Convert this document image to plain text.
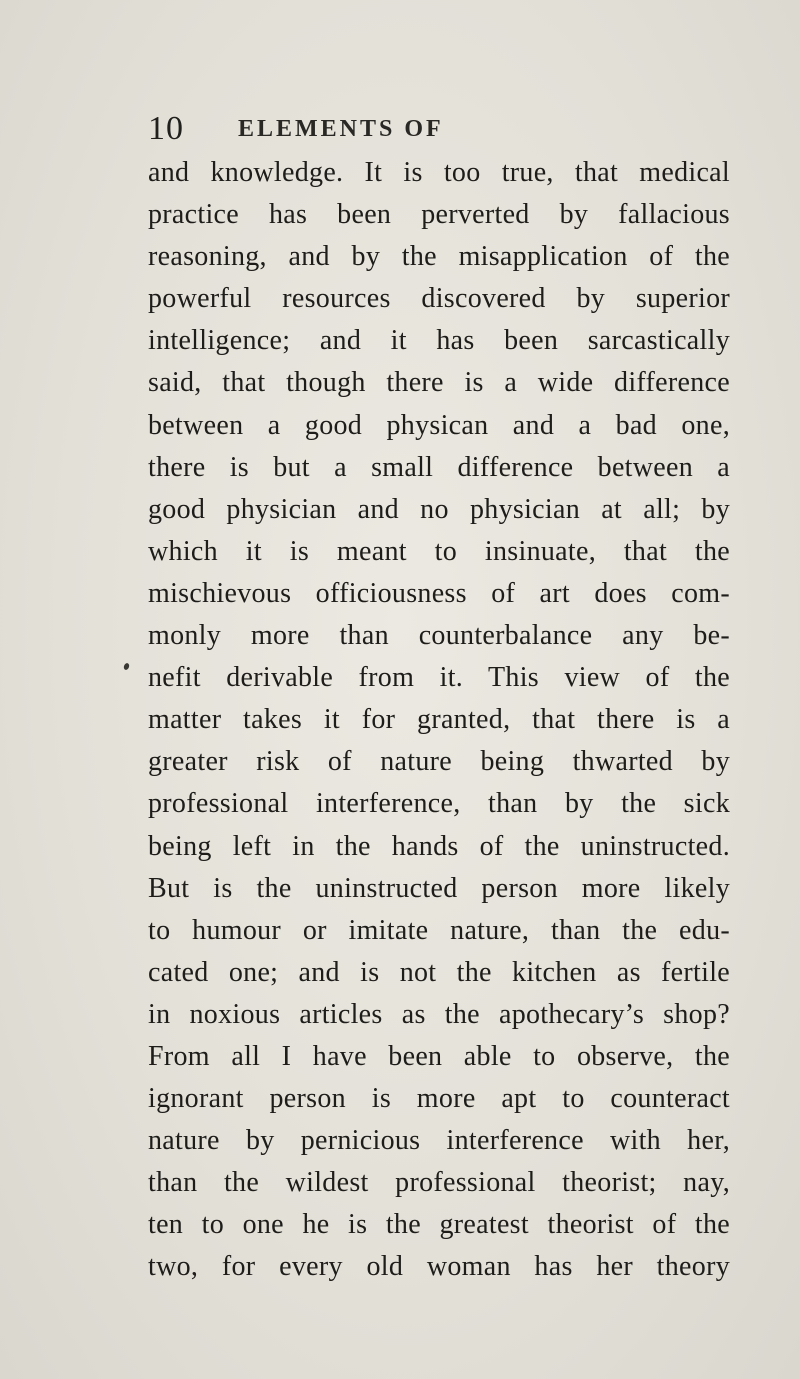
10 ELEMENTS OF
and knowledge. It is too true, that medical
practice has been perverted by fallacious
reasoning, and by the misapplication of the
powerful resources discovered by superior
intelligence; and it has been sarcastically
said, that though there is a wide difference
between a good physican and a bad one,
there is but a small difference between a
good physician and no physician at all; by
which it is meant to insinuate, that the
mischievous officiousness of art does com-
monly more than counterbalance any be-
nefit derivable from it. This view of the
matter takes it for granted, that there is a
greater risk of nature being thwarted by
professional interference, than by the sick
being left in the hands of the uninstructed.
But is the uninstructed person more likely
to humour or imitate nature, than the edu-
cated one; and is not the kitchen as fertile
in noxious articles as the apothecary’s shop?
From all I have been able to observe, the
ignorant person is more apt to counteract
nature by pernicious interference with her,
than the wildest professional theorist; nay,
ten to one he is the greatest theorist of the
two, for every old woman has her theory
